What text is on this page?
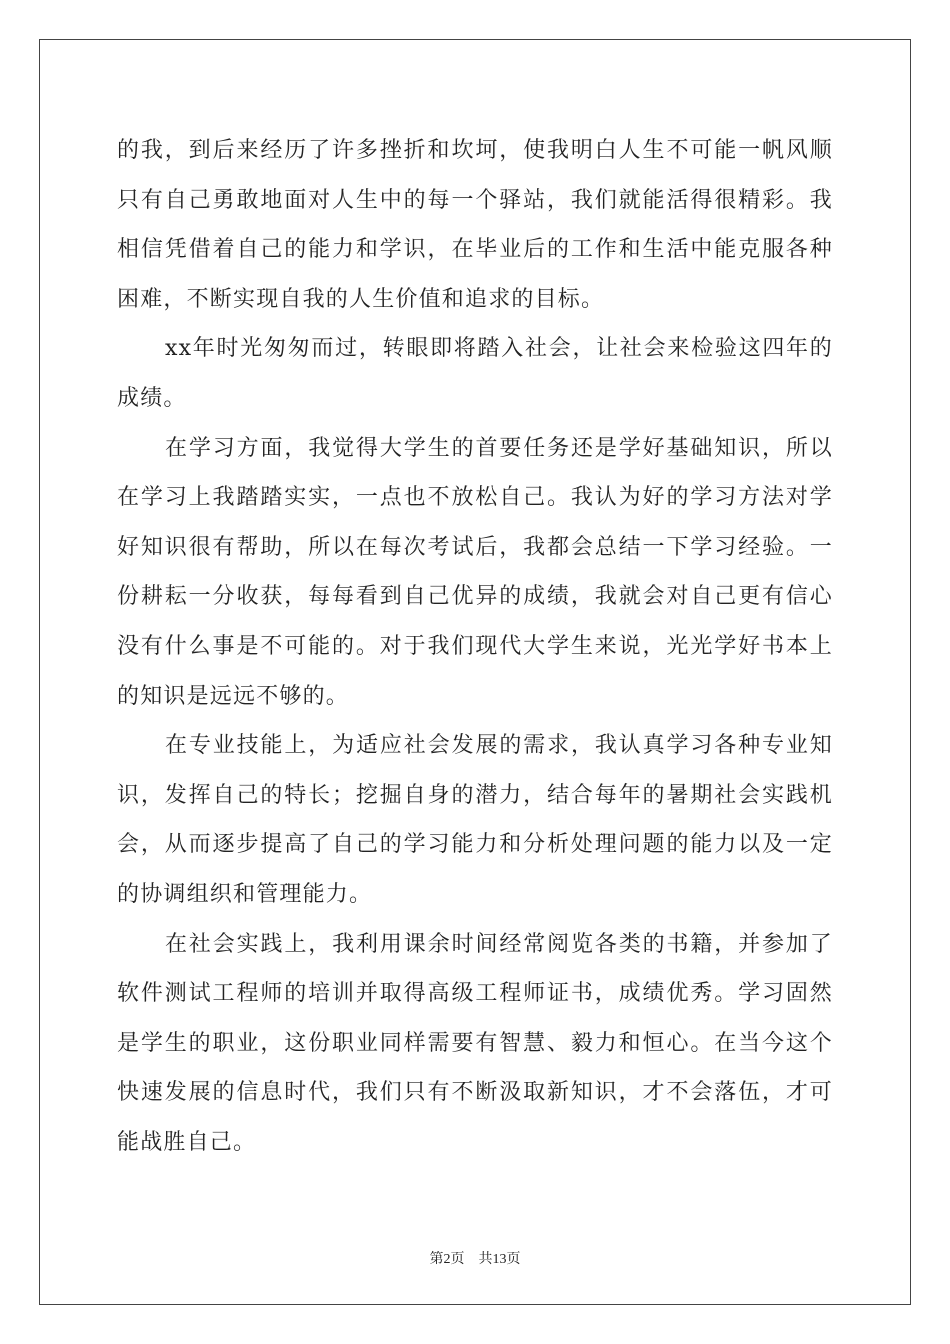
的我，到后来经历了许多挫折和坎坷，使我明白人生不可能一帆风顺只有自己勇敢地面对人生中的每一个驿站，我们就能活得很精彩。我相信凭借着自己的能力和学识，在毕业后的工作和生活中能克服各种困难，不断实现自我的人生价值和追求的目标。

xx年时光匆匆而过，转眼即将踏入社会，让社会来检验这四年的成绩。

在学习方面，我觉得大学生的首要任务还是学好基础知识，所以在学习上我踏踏实实，一点也不放松自己。我认为好的学习方法对学好知识很有帮助，所以在每次考试后，我都会总结一下学习经验。一份耕耘一分收获，每每看到自己优异的成绩，我就会对自己更有信心没有什么事是不可能的。对于我们现代大学生来说，光光学好书本上的知识是远远不够的。

在专业技能上，为适应社会发展的需求，我认真学习各种专业知识，发挥自己的特长；挖掘自身的潜力，结合每年的暑期社会实践机会，从而逐步提高了自己的学习能力和分析处理问题的能力以及一定的协调组织和管理能力。

在社会实践上，我利用课余时间经常阅览各类的书籍，并参加了软件测试工程师的培训并取得高级工程师证书，成绩优秀。学习固然是学生的职业，这份职业同样需要有智慧、毅力和恒心。在当今这个快速发展的信息时代，我们只有不断汲取新知识，才不会落伍，才可能战胜自己。

第2页 共13页
